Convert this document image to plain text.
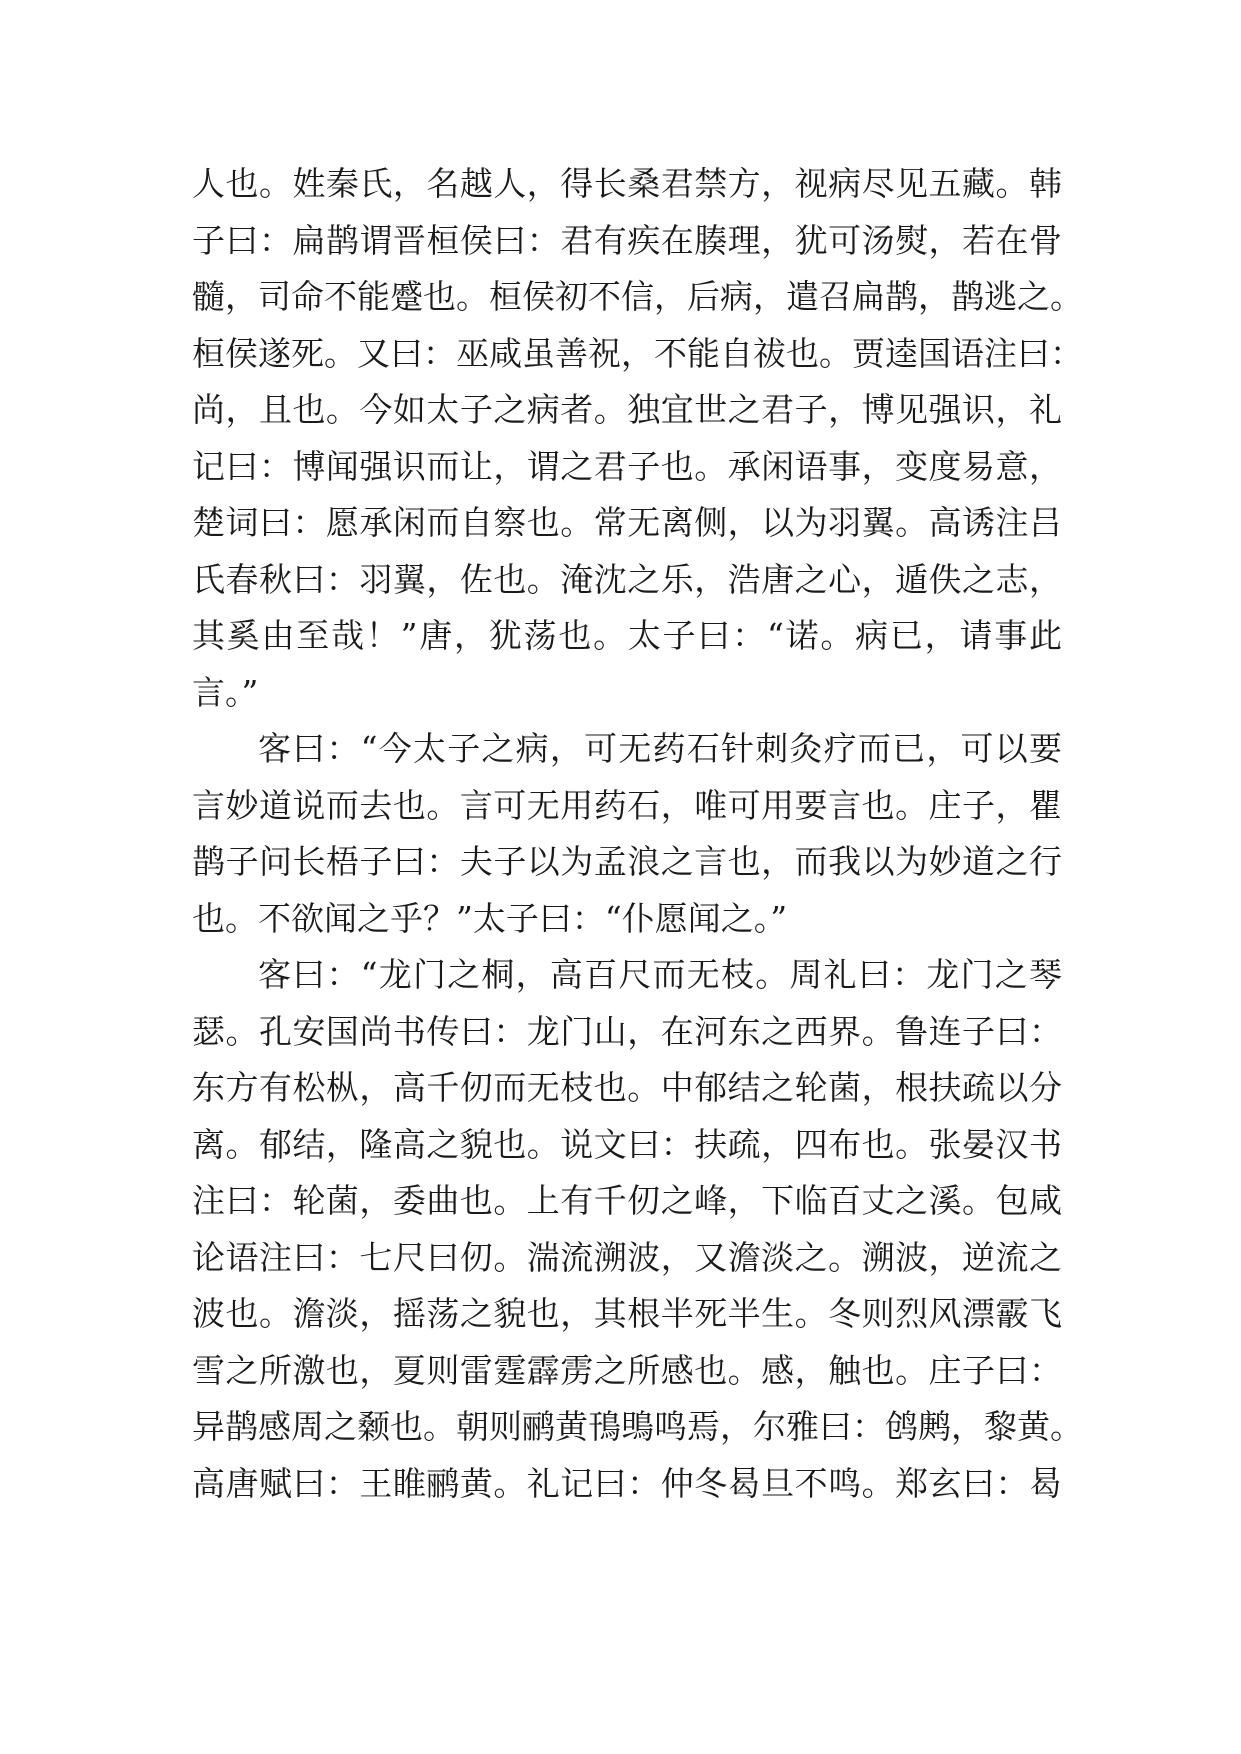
人也。姓秦氏，名越人，得长桑君禁方，视病尽见五藏。韩
子曰：扁鹊谓晋桓侯曰：君有疾在腠理，犹可汤熨，若在骨
髓，司命不能蹙也。桓侯初不信，后病，遣召扁鹊，鹊逃之。
桓侯遂死。又曰：巫咸虽善祝，不能自祓也。贾逵国语注曰：
尚，且也。今如太子之病者。独宜世之君子，博见强识，礼
记曰：博闻强识而让，谓之君子也。承闲语事，变度易意，
楚词曰：愿承闲而自察也。常无离侧，以为羽翼。高诱注吕
氏春秋曰：羽翼，佐也。淹沈之乐，浩唐之心，遁佚之志，
其奚由至哉！”唐，犹荡也。太子曰：“诺。病已，请事此
言。”
客曰：“今太子之病，可无药石针刺灸疗而已，可以要
言妙道说而去也。言可无用药石，唯可用要言也。庄子，瞿
鹊子问长梧子曰：夫子以为孟浪之言也，而我以为妙道之行
也。不欲闻之乎？”太子曰：“仆愿闻之。”
客曰：“龙门之桐，高百尺而无枝。周礼曰：龙门之琴
瑟。孔安国尚书传曰：龙门山，在河东之西界。鲁连子曰：
东方有松枞，高千仞而无枝也。中郁结之轮菌，根扶疏以分
离。郁结，隆高之貌也。说文曰：扶疏，四布也。张晏汉书
注曰：轮菌，委曲也。上有千仞之峰，下临百丈之溪。包咸
论语注曰：七尺曰仞。湍流溯波，又澹淡之。溯波，逆流之
波也。澹淡，摇荡之貌也，其根半死半生。冬则烈风漂霰飞
雪之所激也，夏则雷霆霹雳之所感也。感，触也。庄子曰：
异鹊感周之颡也。朝则鹂黄鳱鴠鸣焉，尔雅曰：鸧鹒，黎黄。
高唐赋曰：王睢鹂黄。礼记曰：仲冬曷旦不鸣。郑玄曰：曷
